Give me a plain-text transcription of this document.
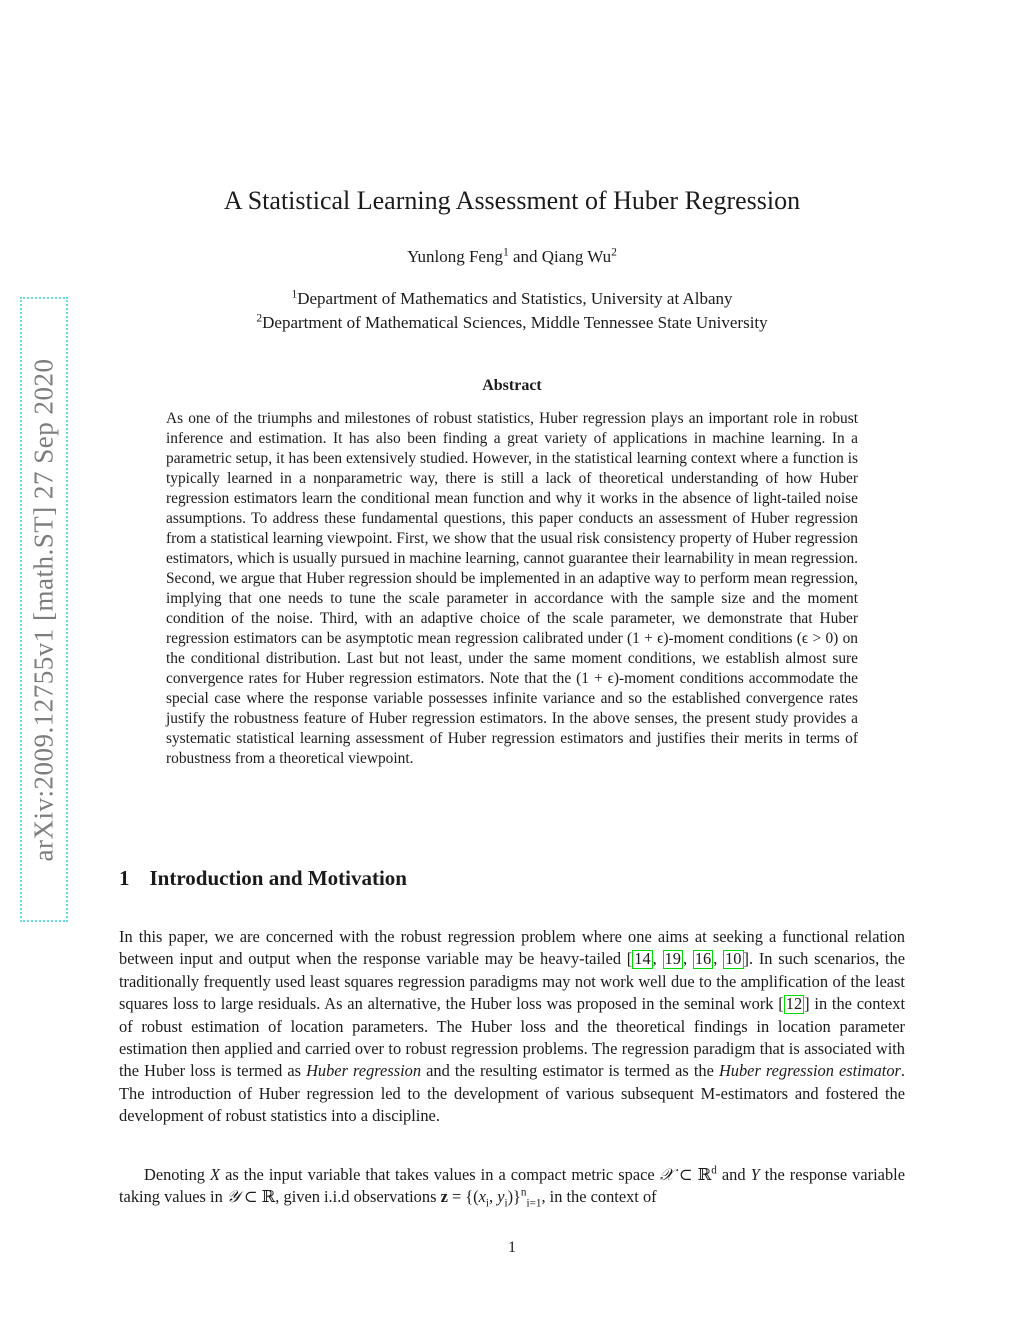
arXiv:2009.12755v1 [math.ST] 27 Sep 2020
A Statistical Learning Assessment of Huber Regression
Yunlong Feng$^1$ and Qiang Wu$^2$
$^1$Department of Mathematics and Statistics, University at Albany
$^2$Department of Mathematical Sciences, Middle Tennessee State University
Abstract
As one of the triumphs and milestones of robust statistics, Huber regression plays an important role in robust inference and estimation. It has also been finding a great variety of applications in machine learning. In a parametric setup, it has been extensively studied. However, in the statistical learning context where a function is typically learned in a nonparametric way, there is still a lack of theoretical understanding of how Huber regression estimators learn the conditional mean function and why it works in the absence of light-tailed noise assumptions. To address these fundamental questions, this paper conducts an assessment of Huber regression from a statistical learning viewpoint. First, we show that the usual risk consistency property of Huber regression estimators, which is usually pursued in machine learning, cannot guarantee their learnability in mean regression. Second, we argue that Huber regression should be implemented in an adaptive way to perform mean regression, implying that one needs to tune the scale parameter in accordance with the sample size and the moment condition of the noise. Third, with an adaptive choice of the scale parameter, we demonstrate that Huber regression estimators can be asymptotic mean regression calibrated under (1 + ϵ)-moment conditions (ϵ > 0) on the conditional distribution. Last but not least, under the same moment conditions, we establish almost sure convergence rates for Huber regression estimators. Note that the (1 + ϵ)-moment conditions accommodate the special case where the response variable possesses infinite variance and so the established convergence rates justify the robustness feature of Huber regression estimators. In the above senses, the present study provides a systematic statistical learning assessment of Huber regression estimators and justifies their merits in terms of robustness from a theoretical viewpoint.
1 Introduction and Motivation
In this paper, we are concerned with the robust regression problem where one aims at seeking a functional relation between input and output when the response variable may be heavy-tailed [ 14 , 19 , 16 , 10 ]. In such scenarios, the traditionally frequently used least squares regression paradigms may not work well due to the amplification of the least squares loss to large residuals. As an alternative, the Huber loss was proposed in the seminal work [ 12 ] in the context of robust estimation of location parameters. The Huber loss and the theoretical findings in location parameter estimation then applied and carried over to robust regression problems. The regression paradigm that is associated with the Huber loss is termed as Huber regression and the resulting estimator is termed as the Huber regression estimator. The introduction of Huber regression led to the development of various subsequent M-estimators and fostered the development of robust statistics into a discipline.
Denoting X as the input variable that takes values in a compact metric space 𝒳 ⊂ ℝ$^d$ and Y the response variable taking values in 𝒴 ⊂ ℝ, given i.i.d observations $z = \{(x_i$, $y_i)\}^n_{i=1}$, in the context of
1
